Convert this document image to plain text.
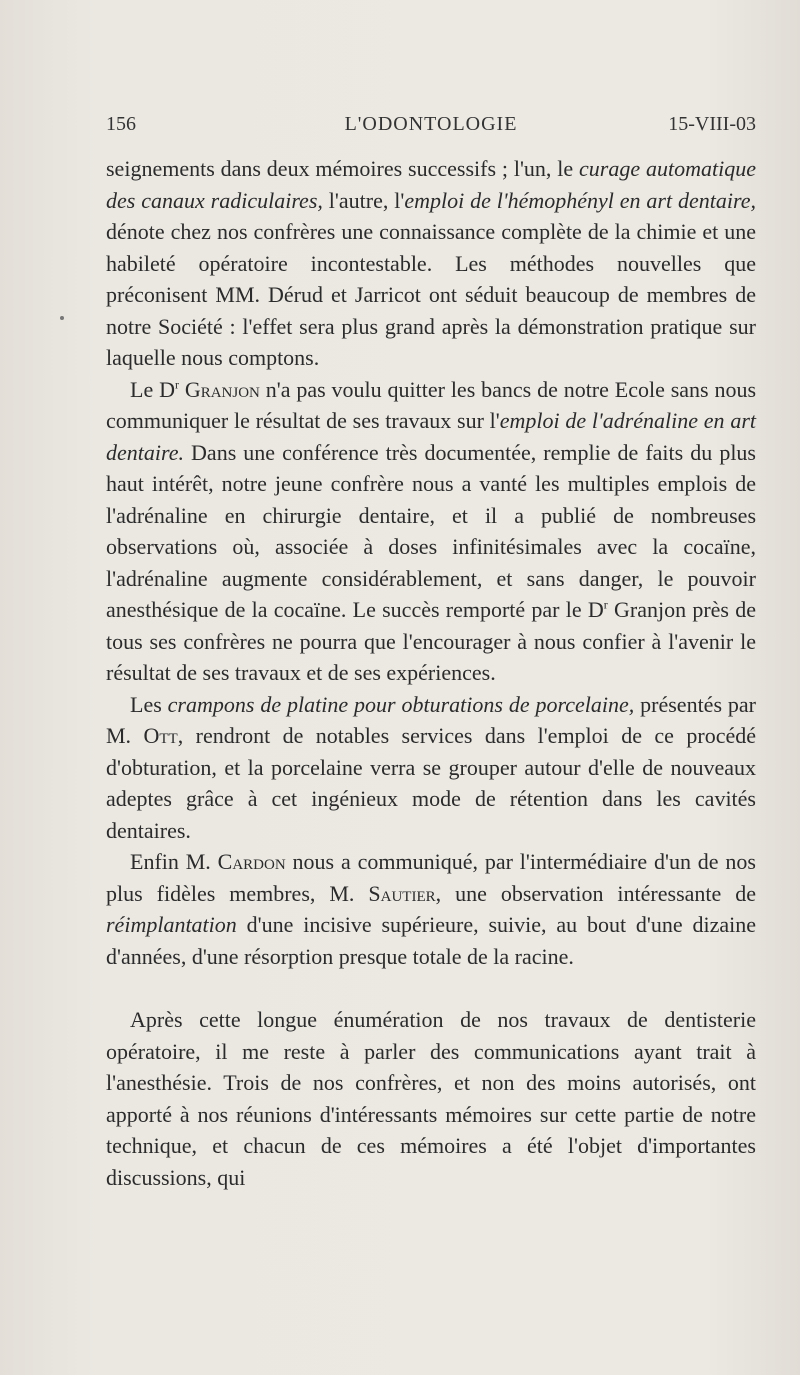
156	L'ODONTOLOGIE	15-VIII-03

seignements dans deux mémoires successifs ; l'un, le curage automatique des canaux radiculaires, l'autre, l'emploi de l'hémophényl en art dentaire, dénote chez nos confrères une connaissance complète de la chimie et une habileté opératoire incontestable. Les méthodes nouvelles que préconisent MM. Dérud et Jarricot ont séduit beaucoup de membres de notre Société : l'effet sera plus grand après la démonstration pratique sur laquelle nous comptons.

Le $D^r$ Granjon n'a pas voulu quitter les bancs de notre Ecole sans nous communiquer le résultat de ses travaux sur l'emploi de l'adrénaline en art dentaire. Dans une conférence très documentée, remplie de faits du plus haut intérêt, notre jeune confrère nous a vanté les multiples emplois de l'adrénaline en chirurgie dentaire, et il a publié de nombreuses observations où, associée à doses infinitésimales avec la cocaïne, l'adrénaline augmente considérablement, et sans danger, le pouvoir anesthésique de la cocaïne. Le succès remporté par le $D^r$ Granjon près de tous ses confrères ne pourra que l'encourager à nous confier à l'avenir le résultat de ses travaux et de ses expériences.

Les crampons de platine pour obturations de porcelaine, présentés par M. Ott, rendront de notables services dans l'emploi de ce procédé d'obturation, et la porcelaine verra se grouper autour d'elle de nouveaux adeptes grâce à cet ingénieux mode de rétention dans les cavités dentaires.

Enfin M. Cardon nous a communiqué, par l'intermédiaire d'un de nos plus fidèles membres, M. Sautier, une observation intéressante de réimplantation d'une incisive supérieure, suivie, au bout d'une dizaine d'années, d'une résorption presque totale de la racine.

Après cette longue énumération de nos travaux de dentisterie opératoire, il me reste à parler des communications ayant trait à l'anesthésie. Trois de nos confrères, et non des moins autorisés, ont apporté à nos réunions d'intéressants mémoires sur cette partie de notre technique, et chacun de ces mémoires a été l'objet d'importantes discussions, qui
